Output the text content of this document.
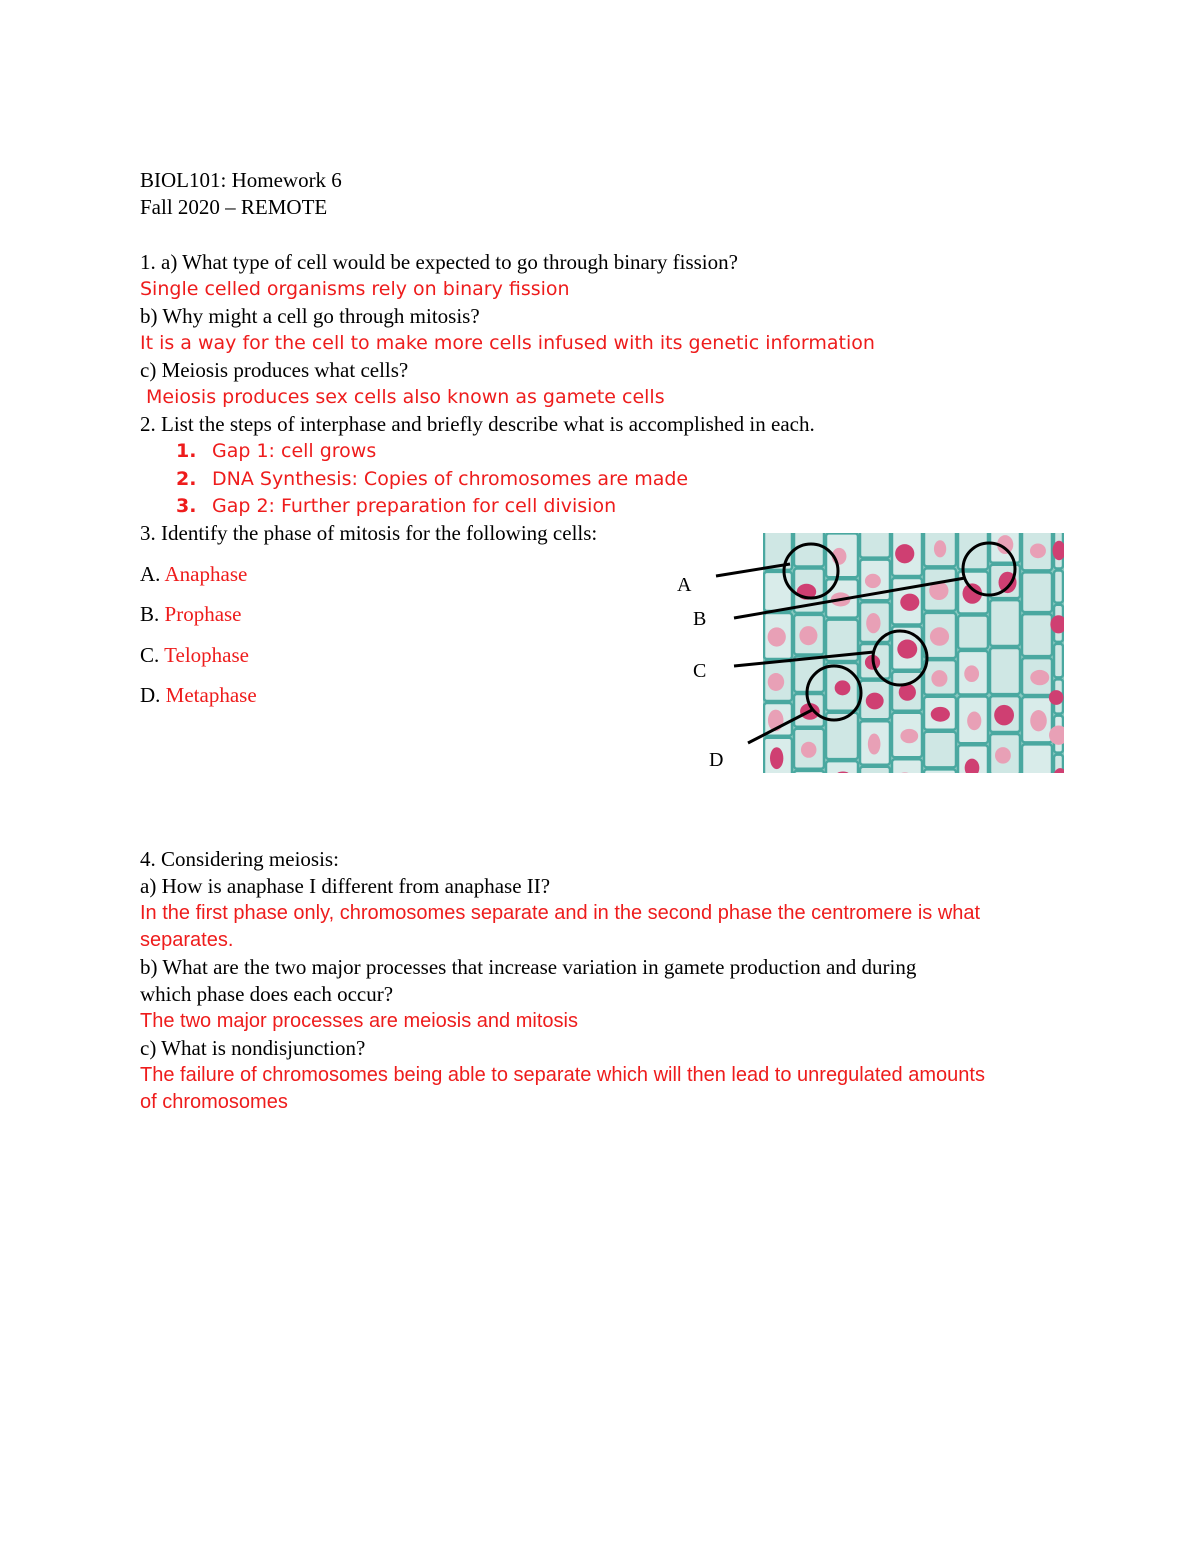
BIOL101: Homework 6
Fall 2020 – REMOTE
1. a) What type of cell would be expected to go through binary fission?
Single celled organisms rely on binary fission
b) Why might a cell go through mitosis?
It is a way for the cell to make more cells infused with its genetic information
c) Meiosis produces what cells?
Meiosis produces sex cells also known as gamete cells
2. List the steps of interphase and briefly describe what is accomplished in each.
1. Gap 1: cell grows
2. DNA Synthesis: Copies of chromosomes are made
3. Gap 2: Further preparation for cell division
3. Identify the phase of mitosis for the following cells:
A. Anaphase
B. Prophase
C. Telophase
D. Metaphase
A
B
C
D
4. Considering meiosis:
a) How is anaphase I different from anaphase II?
In the first phase only, chromosomes separate and in the second phase the centromere is what
separates.
b) What are the two major processes that increase variation in gamete production and during
which phase does each occur?
The two major processes are meiosis and mitosis
c) What is nondisjunction?
The failure of chromosomes being able to separate which will then lead to unregulated amounts
of chromosomes
